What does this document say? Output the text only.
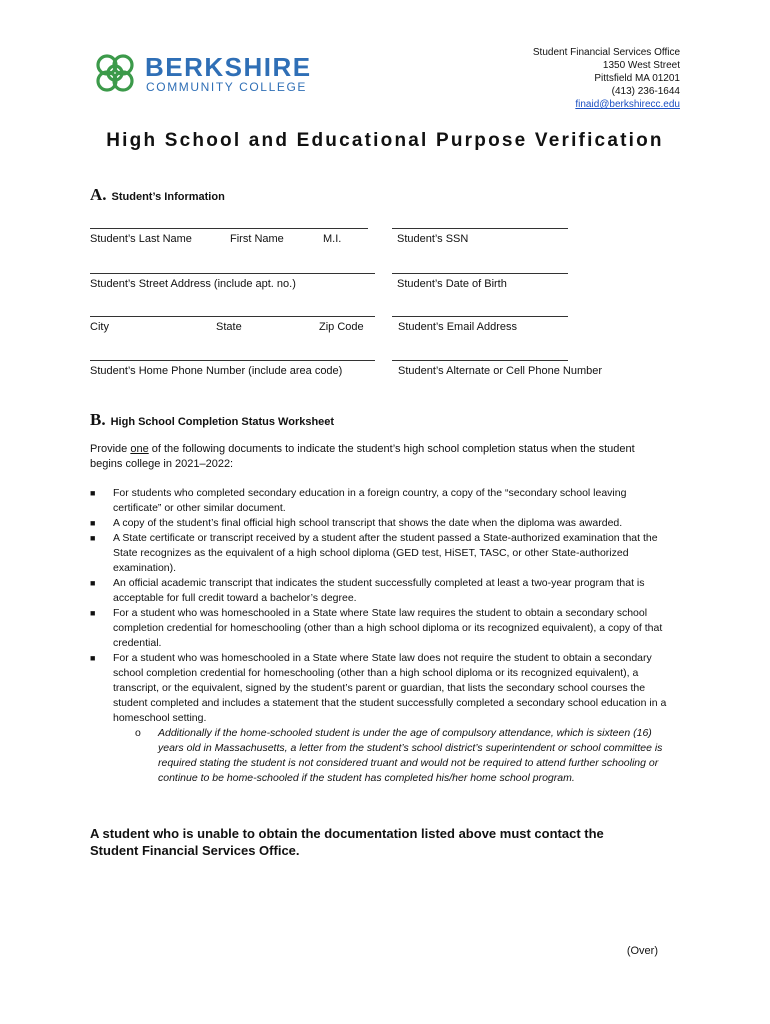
BERKSHIRE
COMMUNITY COLLEGE
Student Financial Services Office
1350 West Street
Pittsfield MA 01201
(413) 236-1644
finaid@berkshirecc.edu
High School and Educational Purpose Verification
A. Student’s Information
Student’s Last Name	First Name	M.I.	Student’s SSN
Student’s Street Address (include apt. no.)	Student’s Date of Birth
City	State	Zip Code	Student’s Email Address
Student’s Home Phone Number (include area code)	Student’s Alternate or Cell Phone Number
B. High School Completion Status Worksheet
Provide one of the following documents to indicate the student’s high school completion status when the student begins college in 2021–2022:
■ For students who completed secondary education in a foreign country, a copy of the “secondary school leaving certificate” or other similar document.
■ A copy of the student’s final official high school transcript that shows the date when the diploma was awarded.
■ A State certificate or transcript received by a student after the student passed a State-authorized examination that the State recognizes as the equivalent of a high school diploma (GED test, HiSET, TASC, or other State-authorized examination).
■ An official academic transcript that indicates the student successfully completed at least a two-year program that is acceptable for full credit toward a bachelor’s degree.
■ For a student who was homeschooled in a State where State law requires the student to obtain a secondary school completion credential for homeschooling (other than a high school diploma or its recognized equivalent), a copy of that credential.
■ For a student who was homeschooled in a State where State law does not require the student to obtain a secondary school completion credential for homeschooling (other than a high school diploma or its recognized equivalent), a transcript, or the equivalent, signed by the student’s parent or guardian, that lists the secondary school courses the student completed and includes a statement that the student successfully completed a secondary school education in a homeschool setting.
o Additionally if the home-schooled student is under the age of compulsory attendance, which is sixteen (16) years old in Massachusetts, a letter from the student’s school district’s superintendent or school committee is required stating the student is not considered truant and would not be required to attend further schooling or continue to be home-schooled if the student has completed his/her home school program.
A student who is unable to obtain the documentation listed above must contact the Student Financial Services Office.
(Over)
